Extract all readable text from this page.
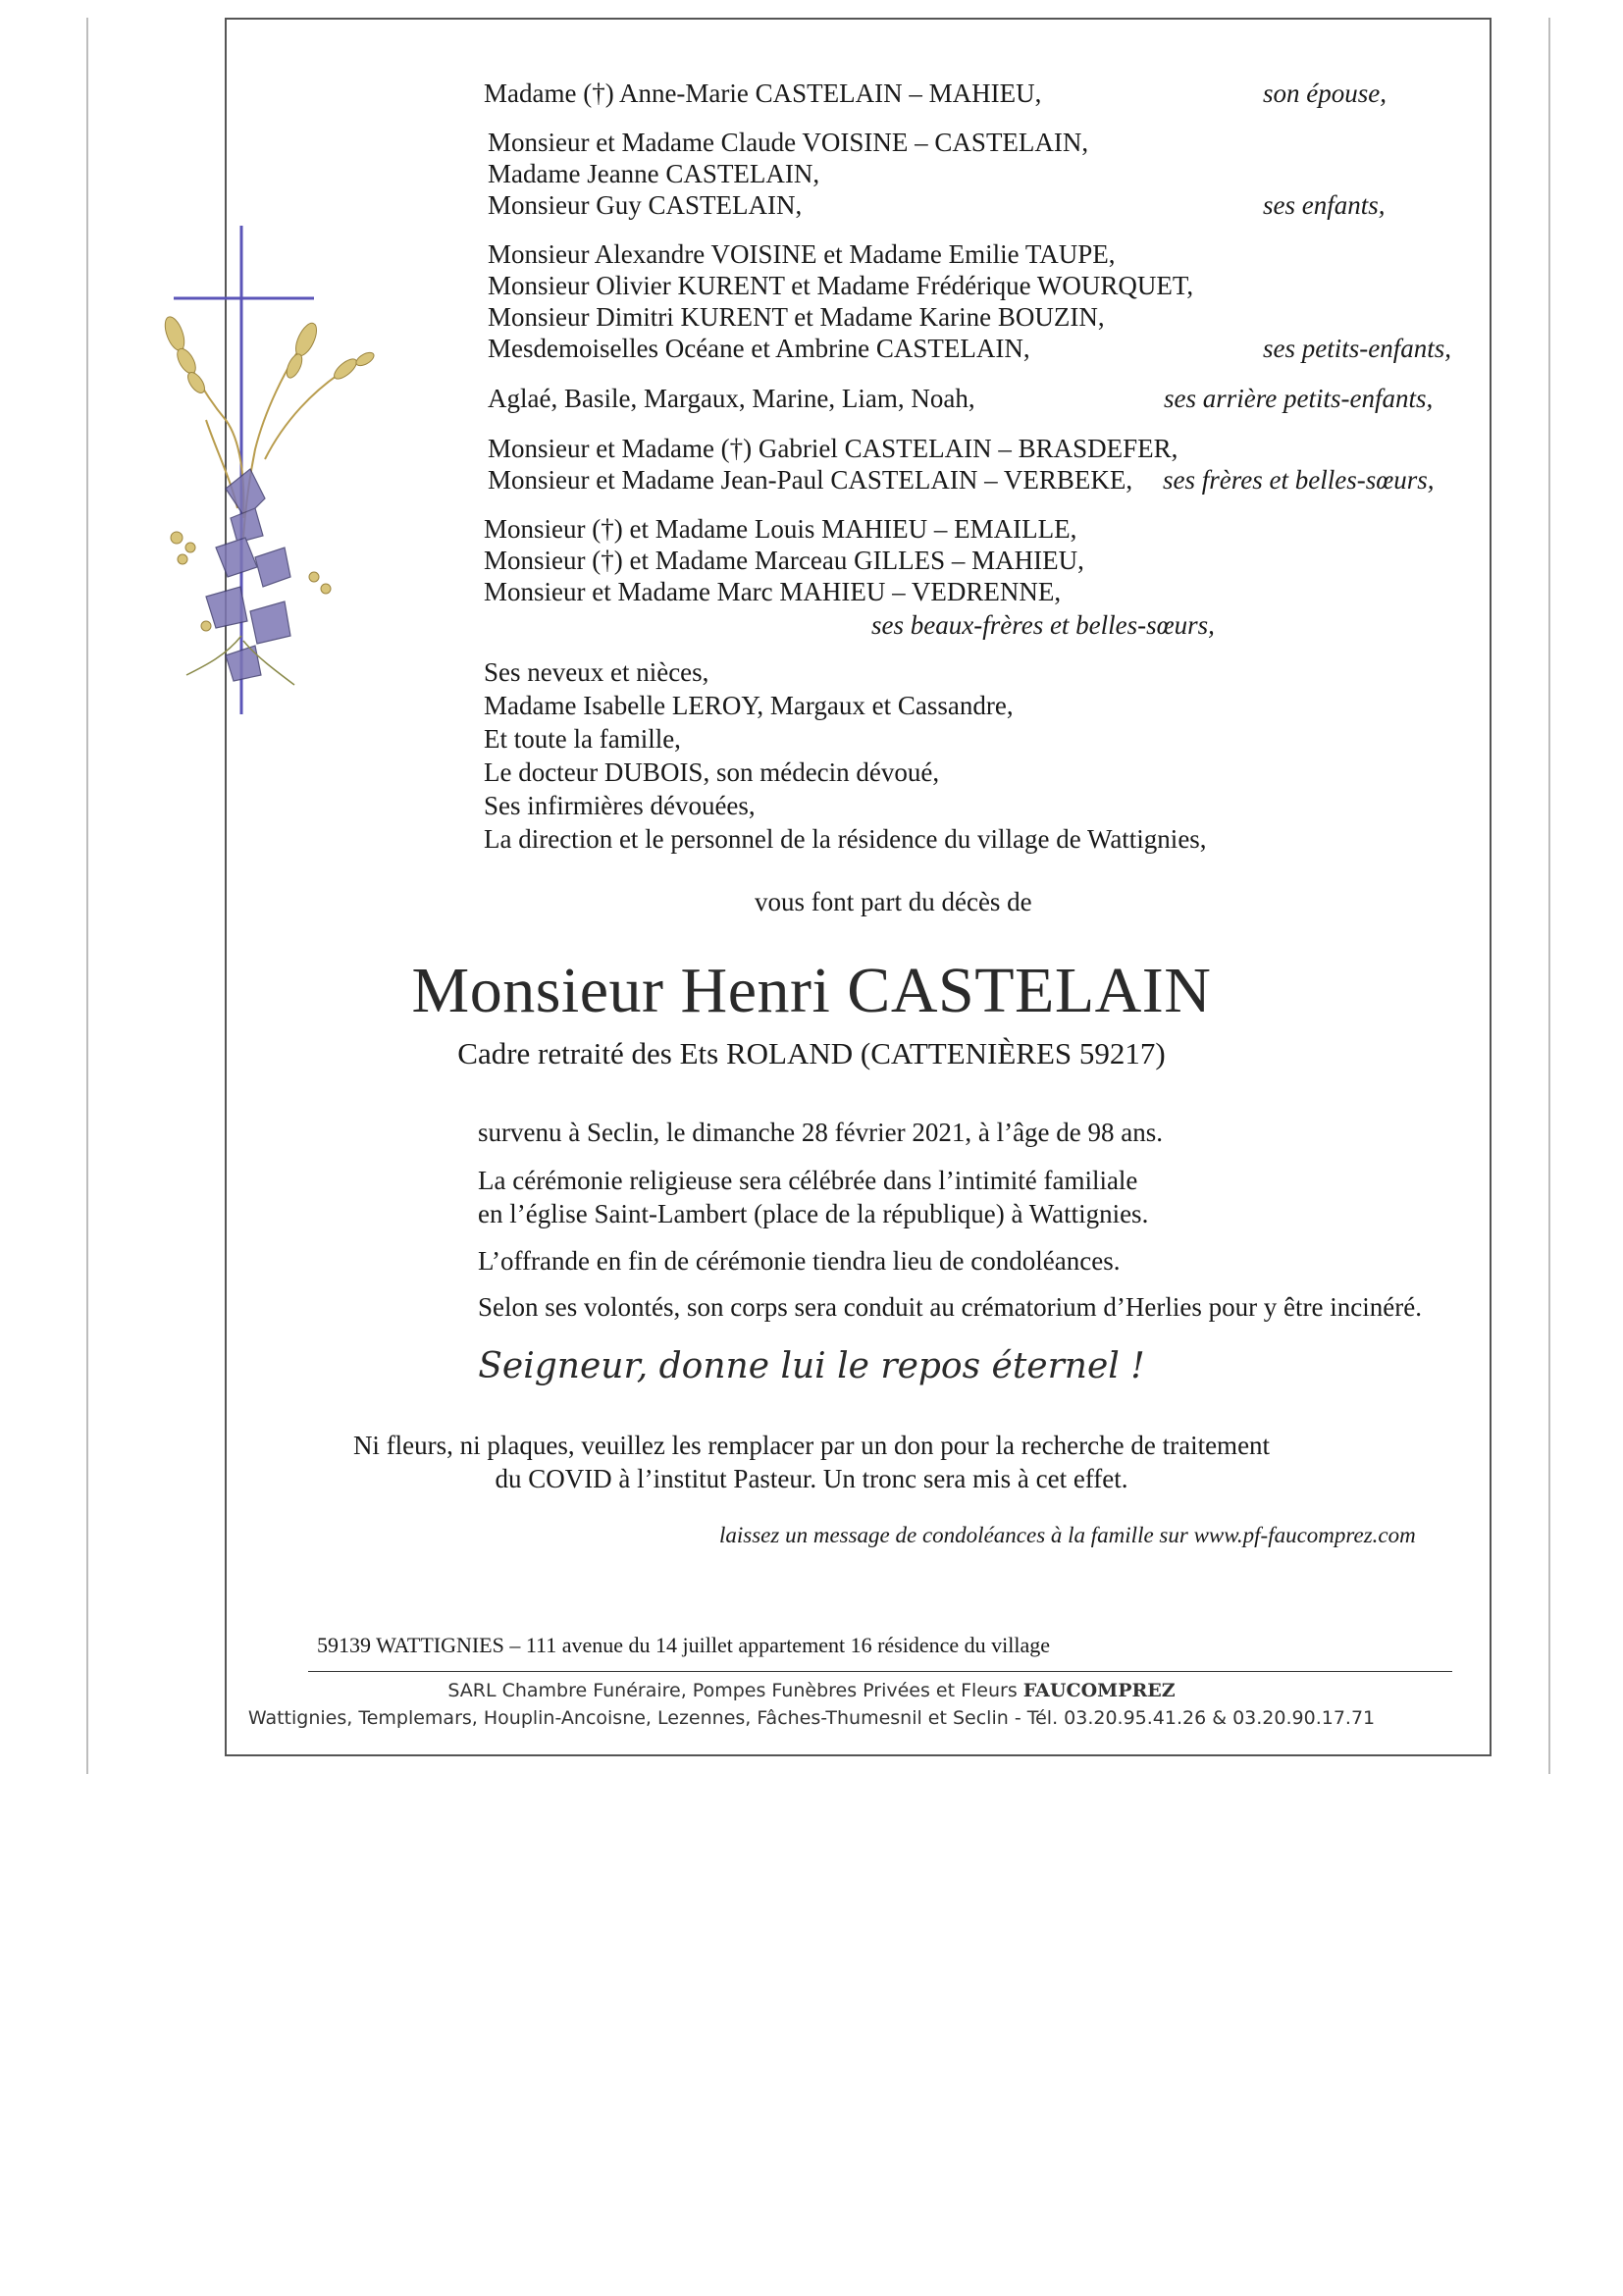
Madame (†) Anne-Marie CASTELAIN – MAHIEU,	son épouse,
Monsieur et Madame Claude VOISINE – CASTELAIN,
Madame Jeanne CASTELAIN,
Monsieur Guy CASTELAIN,	ses enfants,
Monsieur Alexandre VOISINE et Madame Emilie TAUPE,
Monsieur Olivier KURENT et Madame Frédérique WOURQUET,
Monsieur Dimitri KURENT et Madame Karine BOUZIN,
Mesdemoiselles Océane et Ambrine CASTELAIN,	ses petits-enfants,
Aglaé, Basile, Margaux, Marine, Liam, Noah,	ses arrière petits-enfants,
Monsieur et Madame (†) Gabriel CASTELAIN – BRASDEFER,
Monsieur et Madame Jean-Paul CASTELAIN – VERBEKE, ses frères et belles-sœurs,
Monsieur (†) et Madame Louis MAHIEU – EMAILLE,
Monsieur (†) et Madame Marceau GILLES – MAHIEU,
Monsieur et Madame Marc MAHIEU – VEDRENNE,
ses beaux-frères et belles-sœurs,
Ses neveux et nièces,
Madame Isabelle LEROY, Margaux et Cassandre,
Et toute la famille,
Le docteur DUBOIS, son médecin dévoué,
Ses infirmières dévouées,
La direction et le personnel de la résidence du village de Wattignies,
vous font part du décès de
Monsieur Henri CASTELAIN
Cadre retraité des Ets ROLAND (CATTENIÈRES 59217)
survenu à Seclin, le dimanche 28 février 2021, à l’âge de 98 ans.
La cérémonie religieuse sera célébrée dans l’intimité familiale
en l’église Saint-Lambert (place de la république) à Wattignies.
L’offrande en fin de cérémonie tiendra lieu de condoléances.
Selon ses volontés, son corps sera conduit au crématorium d’Herlies pour y être incinéré.
Seigneur, donne lui le repos éternel !
Ni fleurs, ni plaques, veuillez les remplacer par un don pour la recherche de traitement
du COVID à l’institut Pasteur. Un tronc sera mis à cet effet.
laissez un message de condoléances à la famille sur www.pf-faucomprez.com
59139 WATTIGNIES – 111 avenue du 14 juillet appartement 16 résidence du village
SARL Chambre Funéraire, Pompes Funèbres Privées et Fleurs FAUCOMPREZ
Wattignies, Templemars, Houplin-Ancoisne, Lezennes, Fâches-Thumesnil et Seclin - Tél. 03.20.95.41.26 & 03.20.90.17.71
